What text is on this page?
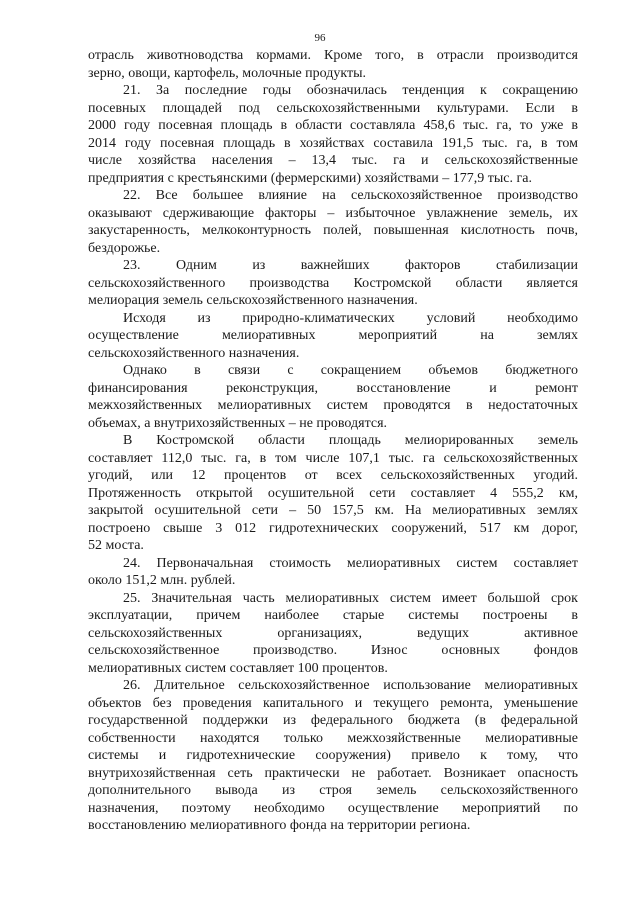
96
отрасль животноводства кормами. Кроме того, в отрасли производится
зерно, овощи, картофель, молочные продукты.
21. За последние годы обозначилась тенденция к сокращению
посевных площадей под сельскохозяйственными культурами. Если в
2000 году посевная площадь в области составляла 458,6 тыс. га, то уже в
2014 году посевная площадь в хозяйствах составила 191,5 тыс. га, в том
числе хозяйства населения – 13,4 тыс. га и сельскохозяйственные
предприятия с крестьянскими (фермерскими) хозяйствами – 177,9 тыс. га.
22. Все большее влияние на сельскохозяйственное производство
оказывают сдерживающие факторы – избыточное увлажнение земель, их
закустаренность, мелкоконтурность полей, повышенная кислотность почв,
бездорожье.
23. Одним из важнейших факторов стабилизации
сельскохозяйственного производства Костромской области является
мелиорация земель сельскохозяйственного назначения.
Исходя из природно-климатических условий необходимо
осуществление мелиоративных мероприятий на землях
сельскохозяйственного назначения.
Однако в связи с сокращением объемов бюджетного
финансирования реконструкция, восстановление и ремонт
межхозяйственных мелиоративных систем проводятся в недостаточных
объемах, а внутрихозяйственных – не проводятся.
В Костромской области площадь мелиорированных земель
составляет 112,0 тыс. га, в том числе 107,1 тыс. га сельскохозяйственных
угодий, или 12 процентов от всех сельскохозяйственных угодий.
Протяженность открытой осушительной сети составляет 4 555,2 км,
закрытой осушительной сети – 50 157,5 км. На мелиоративных землях
построено свыше 3 012 гидротехнических сооружений, 517 км дорог,
52 моста.
24. Первоначальная стоимость мелиоративных систем составляет
около 151,2 млн. рублей.
25. Значительная часть мелиоративных систем имеет большой срок
эксплуатации, причем наиболее старые системы построены в
сельскохозяйственных организациях, ведущих активное
сельскохозяйственное производство. Износ основных фондов
мелиоративных систем составляет 100 процентов.
26. Длительное сельскохозяйственное использование мелиоративных
объектов без проведения капитального и текущего ремонта, уменьшение
государственной поддержки из федерального бюджета (в федеральной
собственности находятся только межхозяйственные мелиоративные
системы и гидротехнические сооружения) привело к тому, что
внутрихозяйственная сеть практически не работает. Возникает опасность
дополнительного вывода из строя земель сельскохозяйственного
назначения, поэтому необходимо осуществление мероприятий по
восстановлению мелиоративного фонда на территории региона.
